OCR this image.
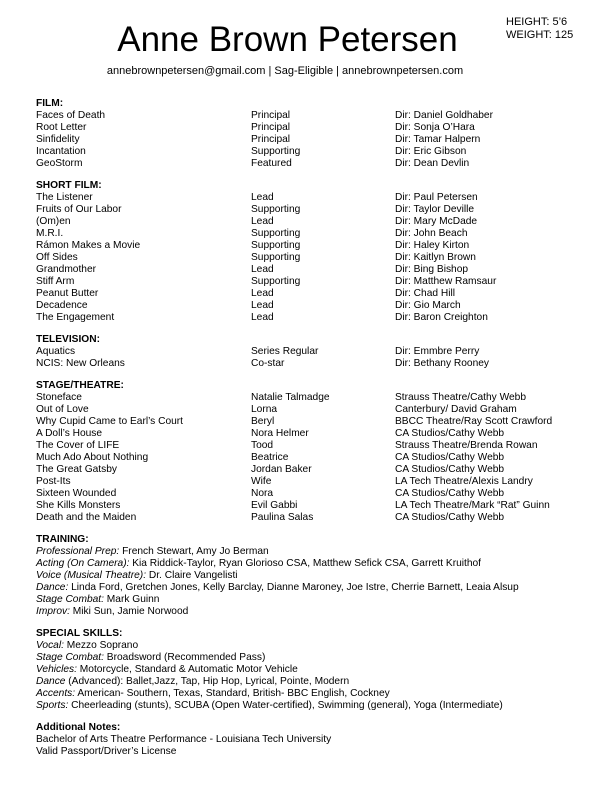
Anne Brown Petersen	HEIGHT: 5’6
WEIGHT: 125
annebrownpetersen@gmail.com | Sag-Eligible | annebrownpetersen.com
FILM:
Faces of Death	Principal	Dir: Daniel Goldhaber
Root Letter	Principal	Dir: Sonja O’Hara
Sinfidelity	Principal	Dir: Tamar Halpern
Incantation	Supporting	Dir: Eric Gibson
GeoStorm	Featured	Dir: Dean Devlin
SHORT FILM:
The Listener	Lead	Dir: Paul Petersen
Fruits of Our Labor	Supporting	Dir: Taylor Deville
(Om)en	Lead	Dir: Mary McDade
M.R.I.	Supporting	Dir: John Beach
Rámon Makes a Movie	Supporting	Dir: Haley Kirton
Off Sides	Supporting	Dir: Kaitlyn Brown
Grandmother	Lead	Dir: Bing Bishop
Stiff Arm	Supporting	Dir: Matthew Ramsaur
Peanut Butter	Lead	Dir: Chad Hill
Decadence	Lead	Dir: Gio March
The Engagement	Lead	Dir: Baron Creighton
TELEVISION:
Aquatics	Series Regular	Dir: Emmbre Perry
NCIS: New Orleans	Co-star	Dir: Bethany Rooney
STAGE/THEATRE:
Stoneface	Natalie Talmadge	Strauss Theatre/Cathy Webb
Out of Love	Lorna	Canterbury/ David Graham
Why Cupid Came to Earl’s Court	Beryl	BBCC Theatre/Ray Scott Crawford
A Doll’s House	Nora Helmer	CA Studios/Cathy Webb
The Cover of LIFE	Tood	Strauss Theatre/Brenda Rowan
Much Ado About Nothing	Beatrice	CA Studios/Cathy Webb
The Great Gatsby	Jordan Baker	CA Studios/Cathy Webb
Post-Its	Wife	LA Tech Theatre/Alexis Landry
Sixteen Wounded	Nora	CA Studios/Cathy Webb
She Kills Monsters	Evil Gabbi	LA Tech Theatre/Mark “Rat” Guinn
Death and the Maiden	Paulina Salas	CA Studios/Cathy Webb
TRAINING:
Professional Prep: French Stewart, Amy Jo Berman
Acting (On Camera): Kia Riddick-Taylor, Ryan Glorioso CSA, Matthew Sefick CSA, Garrett Kruithof
Voice (Musical Theatre): Dr. Claire Vangelisti
Dance: Linda Ford, Gretchen Jones, Kelly Barclay, Dianne Maroney, Joe Istre, Cherrie Barnett, Leaia Alsup
Stage Combat: Mark Guinn
Improv: Miki Sun, Jamie Norwood
SPECIAL SKILLS:
Vocal: Mezzo Soprano
Stage Combat: Broadsword (Recommended Pass)
Vehicles: Motorcycle, Standard & Automatic Motor Vehicle
Dance (Advanced): Ballet,Jazz, Tap, Hip Hop, Lyrical, Pointe, Modern
Accents: American- Southern, Texas, Standard, British- BBC English, Cockney
Sports: Cheerleading (stunts), SCUBA (Open Water-certified), Swimming (general), Yoga (Intermediate)
Additional Notes:
Bachelor of Arts Theatre Performance - Louisiana Tech University
Valid Passport/Driver’s License
